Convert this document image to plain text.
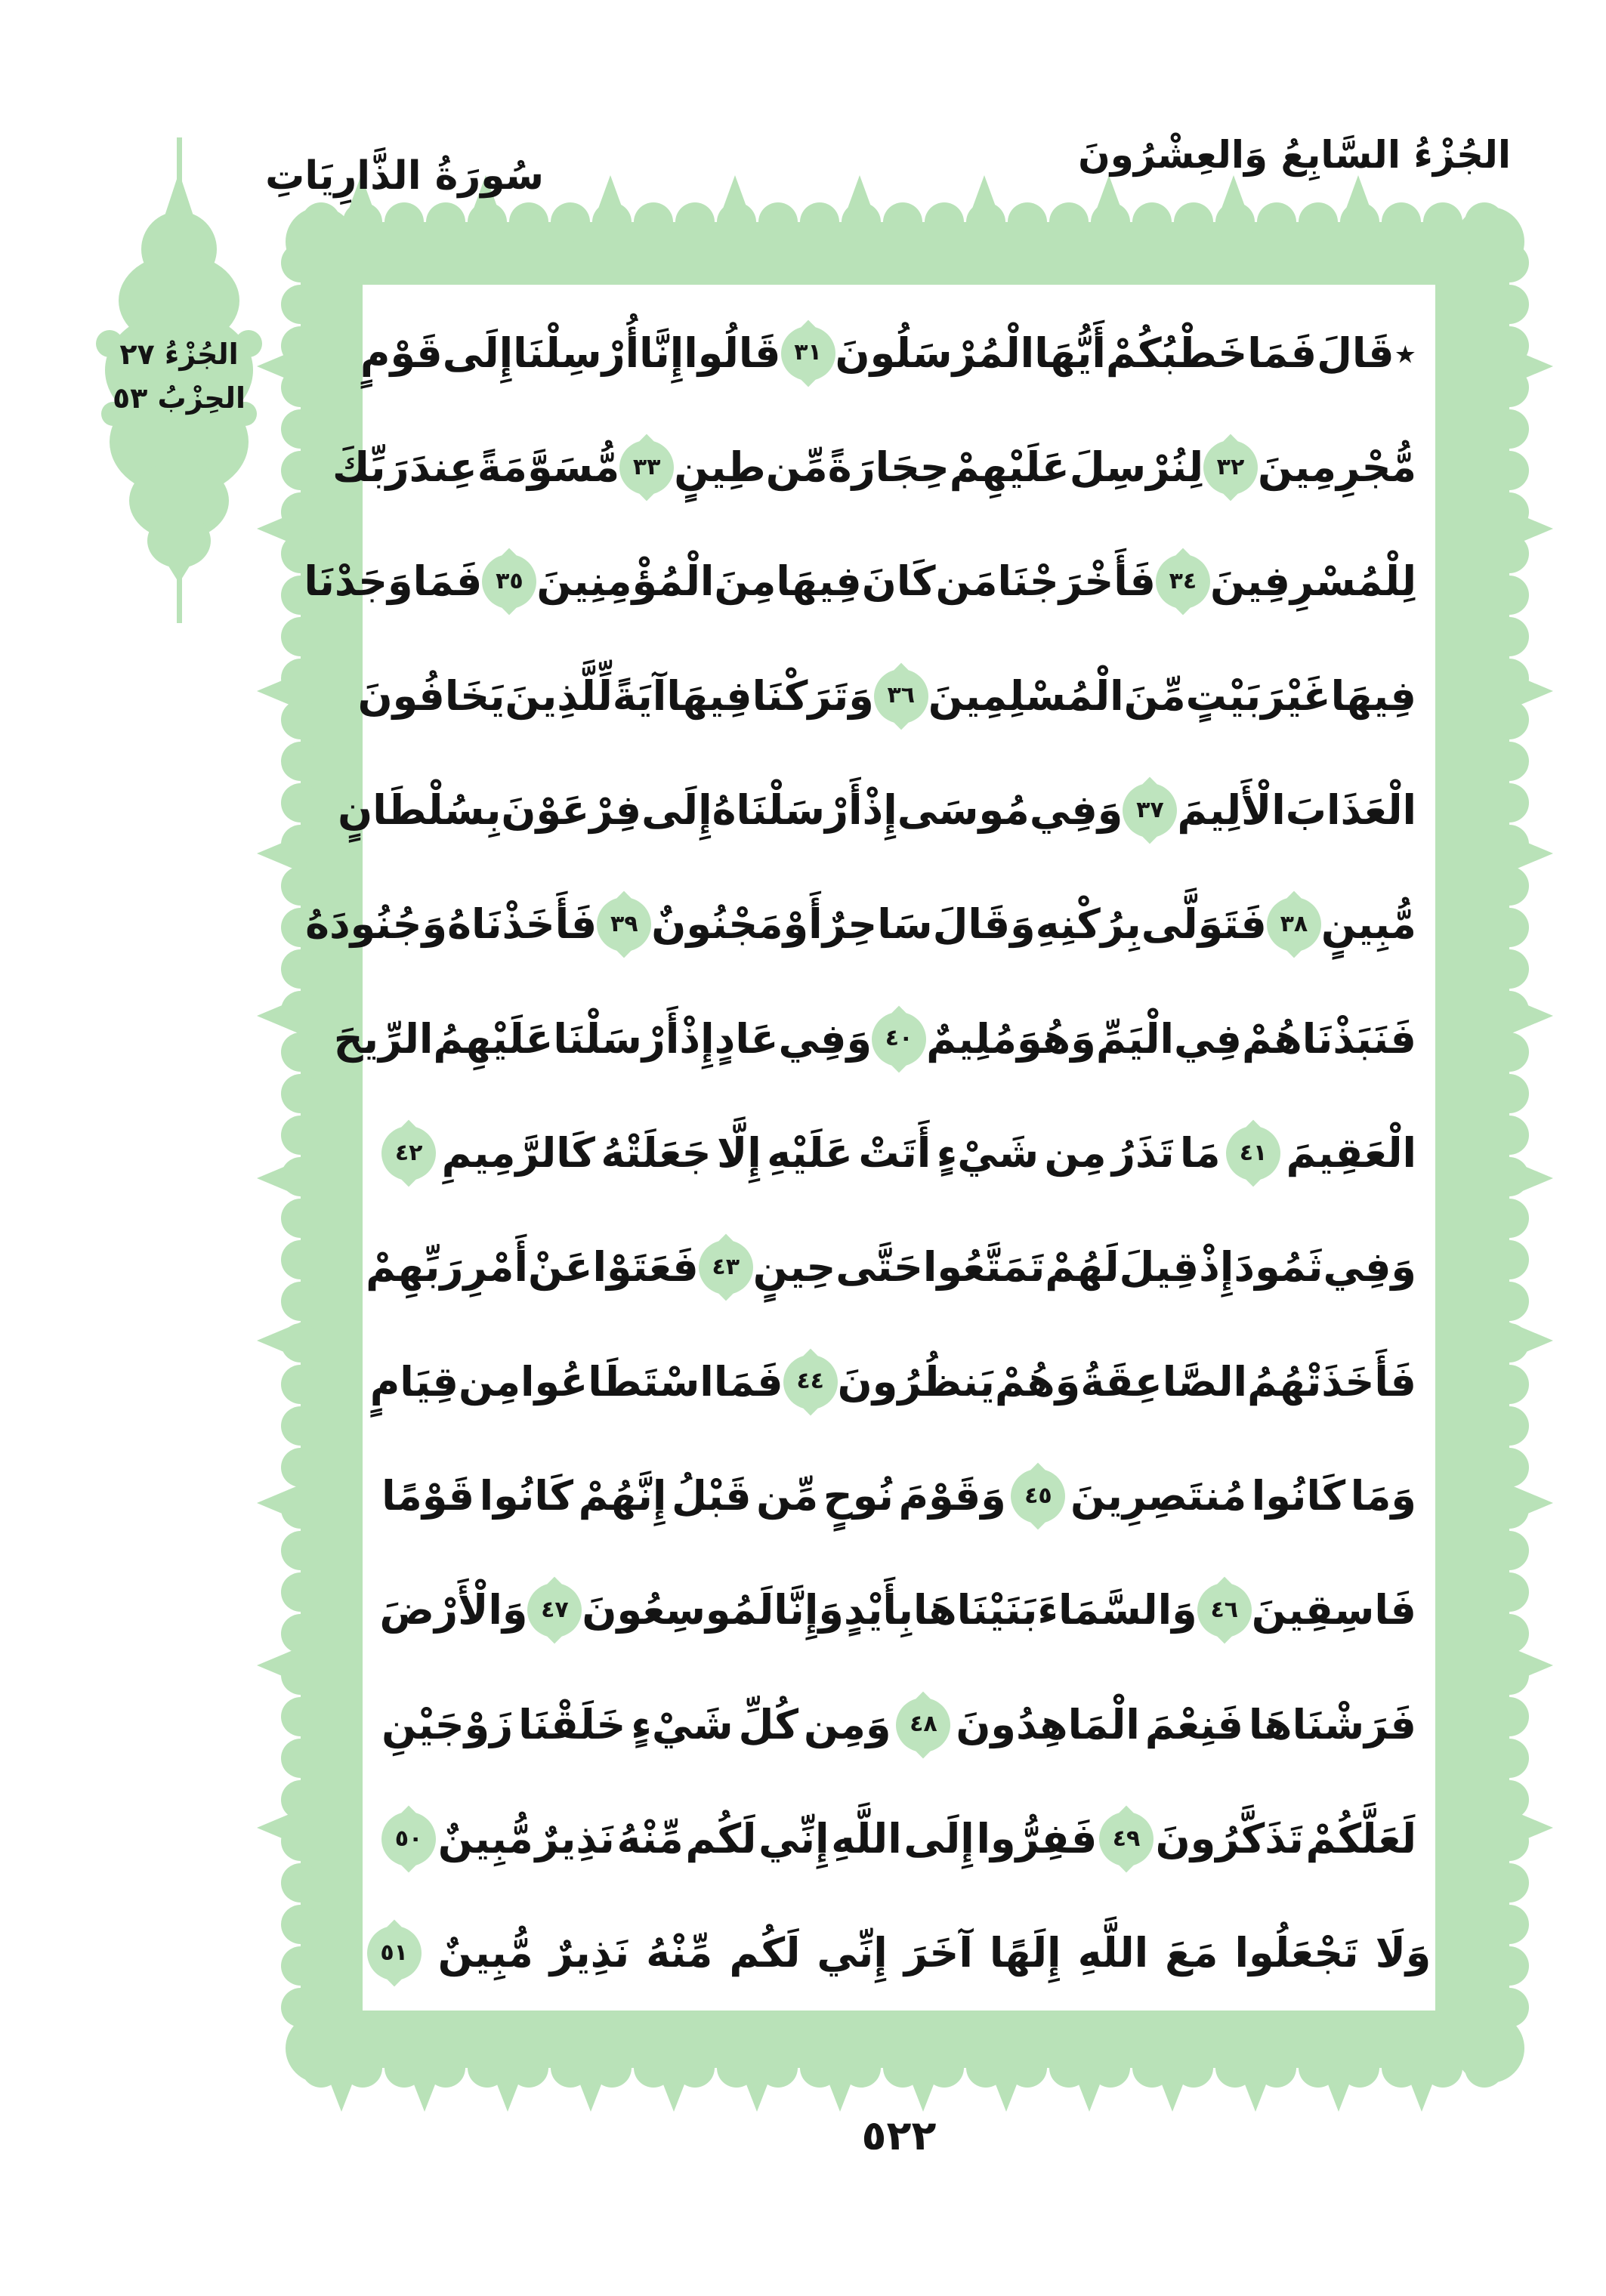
سُورَةُ الذَّارِيَاتِ	الجُزْءُ السَّابِعُ وَالعِشْرُونَ
الجُزْءُ ٢٧
الحِزْبُ ٥٣
٭
قَالَ
فَمَا
خَطْبُكُمْ
أَيُّهَا
الْمُرْسَلُونَ
٣١
قَالُوا
إِنَّا
أُرْسِلْنَا
إِلَى
قَوْمٍ
مُّجْرِمِينَ
٣٢
لِنُرْسِلَ
عَلَيْهِمْ
حِجَارَةً
مِّن
طِينٍ
٣٣
مُّسَوَّمَةً
عِندَ
رَبِّكَ
لِلْمُسْرِفِينَ
٣٤
فَأَخْرَجْنَا
مَن
كَانَ
فِيهَا
مِنَ
الْمُؤْمِنِينَ
٣٥
فَمَا
وَجَدْنَا
فِيهَا
غَيْرَ
بَيْتٍ
مِّنَ
الْمُسْلِمِينَ
٣٦
وَتَرَكْنَا
فِيهَا
آيَةً
لِّلَّذِينَ
يَخَافُونَ
الْعَذَابَ
الْأَلِيمَ
٣٧
وَفِي
مُوسَى
إِذْ
أَرْسَلْنَاهُ
إِلَى
فِرْعَوْنَ
بِسُلْطَانٍ
مُّبِينٍ
٣٨
فَتَوَلَّى
بِرُكْنِهِ
وَقَالَ
سَاحِرٌ
أَوْ
مَجْنُونٌ
٣٩
فَأَخَذْنَاهُ
وَجُنُودَهُ
فَنَبَذْنَاهُمْ
فِي
الْيَمِّ
وَهُوَ
مُلِيمٌ
٤٠
وَفِي
عَادٍ
إِذْ
أَرْسَلْنَا
عَلَيْهِمُ
الرِّيحَ
الْعَقِيمَ
٤١
مَا
تَذَرُ
مِن
شَيْءٍ
أَتَتْ
عَلَيْهِ
إِلَّا
جَعَلَتْهُ
كَالرَّمِيمِ
٤٢
وَفِي
ثَمُودَ
إِذْ
قِيلَ
لَهُمْ
تَمَتَّعُوا
حَتَّى
حِينٍ
٤٣
فَعَتَوْا
عَنْ
أَمْرِ
رَبِّهِمْ
فَأَخَذَتْهُمُ
الصَّاعِقَةُ
وَهُمْ
يَنظُرُونَ
٤٤
فَمَا
اسْتَطَاعُوا
مِن
قِيَامٍ
وَمَا
كَانُوا
مُنتَصِرِينَ
٤٥
وَقَوْمَ
نُوحٍ
مِّن
قَبْلُ
إِنَّهُمْ
كَانُوا
قَوْمًا
فَاسِقِينَ
٤٦
وَالسَّمَاءَ
بَنَيْنَاهَا
بِأَيْدٍ
وَإِنَّا
لَمُوسِعُونَ
٤٧
وَالْأَرْضَ
فَرَشْنَاهَا
فَنِعْمَ
الْمَاهِدُونَ
٤٨
وَمِن
كُلِّ
شَيْءٍ
خَلَقْنَا
زَوْجَيْنِ
لَعَلَّكُمْ
تَذَكَّرُونَ
٤٩
فَفِرُّوا
إِلَى
اللَّهِ
إِنِّي
لَكُم
مِّنْهُ
نَذِيرٌ
مُّبِينٌ
٥٠
وَلَا
تَجْعَلُوا
مَعَ
اللَّهِ
إِلَهًا
آخَرَ
إِنِّي
لَكُم
مِّنْهُ
نَذِيرٌ
مُّبِينٌ
٥١
٥٢٢
